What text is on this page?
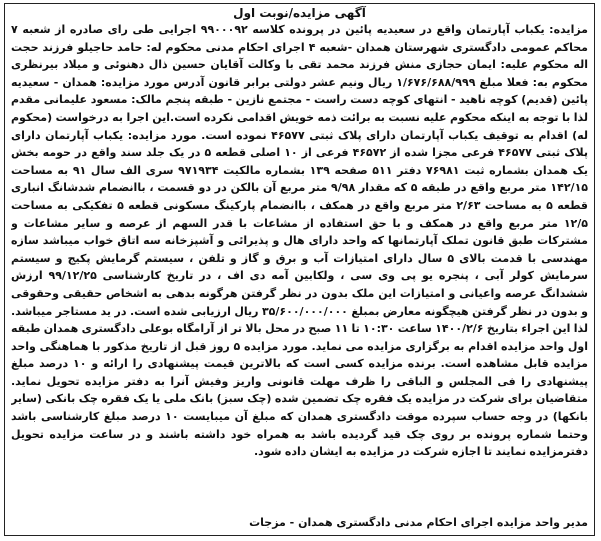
آگهی مزایده/نوبت اول
مزایده: یکباب آپارتمان واقع در سعیدیه پائین در پرونده کلاسه ۹۹۰۰۰۹۲ اجرایی طی رای صادره از شعبه ۷ محاکم عمومی دادگستری شهرستان همدان -شعبه ۴ اجرای احکام مدنی محکوم له: حامد حاجیلو فرزند حجت اله محکوم علیه: ایمان حجازی منش فرزند محمد تقی با وکالت آقایان حسین ذال دهنوئی و میلاد بیرنظری محکوم به: فعلا مبلغ ۱/۶۷۶/۶۸۸/۹۹۹ ریال ونیم عشر دولتی برابر قانون آدرس مورد مزایده: همدان - سعیدیه پائین (قدیم) کوچه ناهید - انتهای کوچه دست راست - مجتمع نازین - طبقه پنجم مالک: مسعود علیمانی مقدم لذا با توجه به اینکه محکوم علیه نسبت به برائت ذمه خویش اقدامی نکرده است.این اجرا به درخواست (محکوم له) اقدام به توقیف یکباب آپارتمان دارای پلاک ثبتی ۴۶۵۷۷ نموده است. مورد مزایده: یکباب آپارتمان دارای پلاک ثبتی ۴۶۵۷۷ فرعی مجزا شده از ۴۶۵۷۲ فرعی از ۱۰ اصلی قطعه ۵ در یک جلد سند واقع در حومه بخش یک همدان بشماره ثبت ۷۶۹۸۱ دفتر ۵۱۱ صفحه ۱۳۹ بشماره مالکیت ۹۷۱۹۳۴ سری الف سال ۹۱ به مساحت ۱۴۲/۱۵ متر مربع واقع در طبقه ۵ که مقدار ۹/۹۸ متر مربع آن بالکن در دو قسمت ، باانضمام شدشانگ انباری قطعه ۵ به مساحت ۲/۶۳ متر مربع واقع در همکف ، باانضمام پارکینگ مسکونی قطعه ۵ تفکیکی به مساحت ۱۲/۵ متر مربع واقع در همکف و با حق استفاده از مشاعات با قدر السهم از عرصه و سایر مشاعات و مشترکات طبق قانون تملک آپارتمانها که واحد دارای هال و پذیرائی و آشپزخانه سه اتاق خواب میباشد سازه مهندسی با قدمت بالای ۵ سال دارای امتیازات آب و برق و گاز و تلفن ، سیستم گرمایش پکیج و سیستم سرمایش کولر آبی ، پنجره یو پی وی سی ، ولکابین آمه دی اف ، در تاریخ کارشناسی ۹۹/۱۲/۲۵ ارزش ششدانگ عرصه واعیانی و امتیازات این ملک بدون در نظر گرفتن هرگونه بدهی به اشخاص حقیقی وحقوقی و بدون در نظر گرفتن هیچگونه معارض بمبلغ ۳۵/۶۰۰/۰۰۰/۰۰۰ ریال ارزیابی شده است. در ید مستاجر میباشد. لذا این اجراء بتاریخ ۱۴۰۰/۲/۶ ساعت ۱۰:۳۰ تا ۱۱ صبح در محل بالا تر از آرامگاه بوعلی دادگستری همدان طبقه اول واحد مزایده اقدام به برگزاری مزایده می نماید. مورد مزایده ۵ روز قبل از تاریخ مذکور با هماهنگی واحد مزایده قابل مشاهده است. برنده مزایده کسی است که بالاترین قیمت پیشنهادی را ارائه و ۱۰ درصد مبلغ پیشنهادی را فی المجلس و الباقی را ظرف مهلت قانونی واریز وفیش آنرا به دفتر مزایده تحویل نماید. متقاضیان برای شرکت در مزایده یک فقره چک تضمین شده (چک سبز) بانک ملی یا یک فقره چک بانکی (سایر بانکها) در وجه حساب سپرده موقت دادگستری همدان که مبلغ آن میبایست ۱۰ درصد مبلغ کارشناسی باشد وحتما شماره پرونده بر روی چک قید گردیده باشد به همراه خود داشته باشند و در ساعت مزایده تحویل دفترمزایده نمایند تا اجازه شرکت در مزایده به ایشان داده شود.
مدیر واحد مزایده اجرای احکام مدنی دادگستری همدان - مزجات
